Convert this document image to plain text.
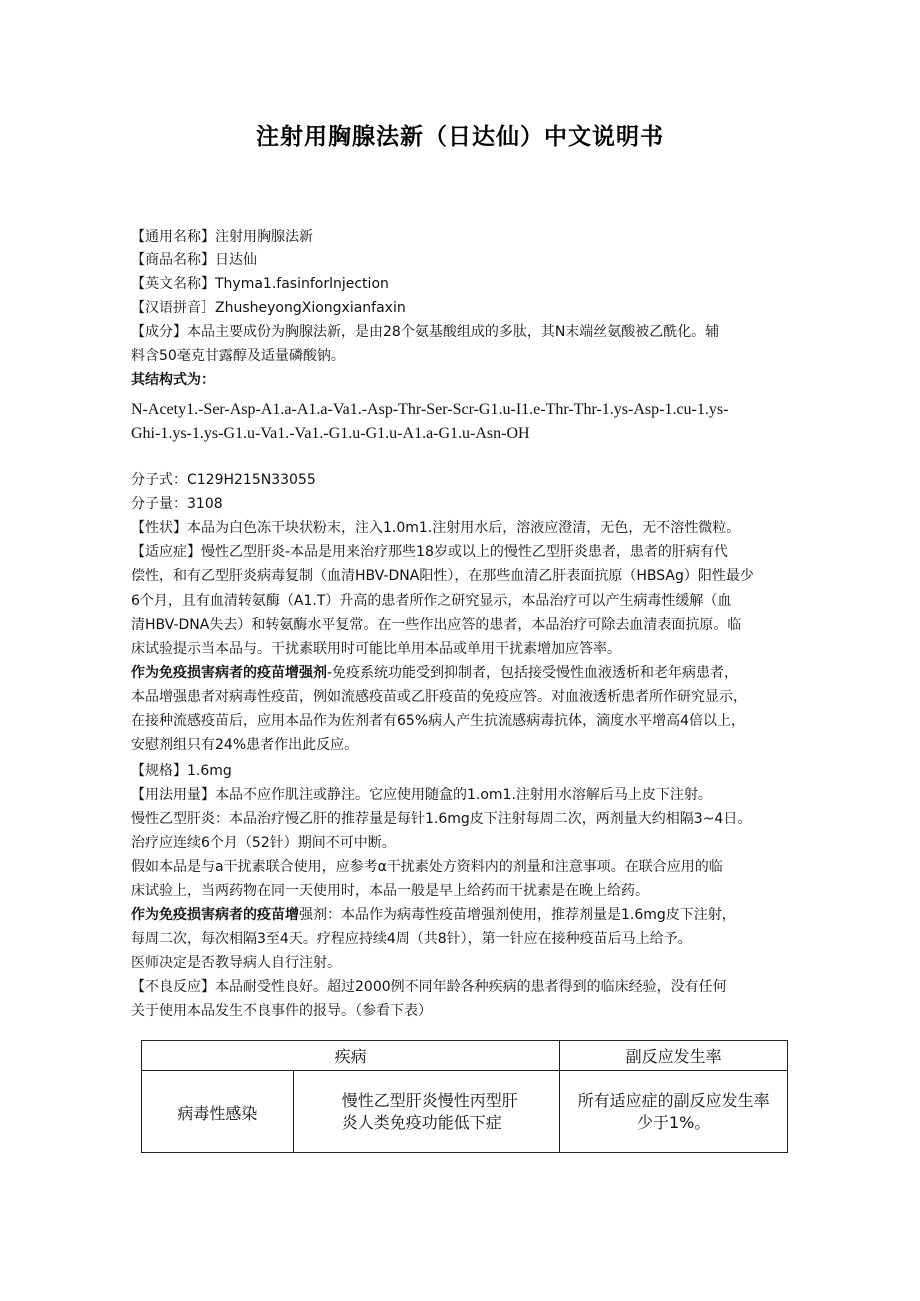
注射用胸腺法新（日达仙）中文说明书
【通用名称】注射用胸腺法新
【商品名称】日达仙
【英文名称】Thyma1.fasinforlnjection
【汉语拼音］ZhusheyongXiongxianfaxin
【成分】本品主要成份为胸腺法新，是由28个氨基酸组成的多肽，其N末端丝氨酸被乙酰化。辅
料含50毫克甘露醇及适量磷酸钠。
其结构式为：
N-Acety1.-Ser-Asp-A1.a-A1.a-Va1.-Asp-Thr-Ser-Scr-G1.u-I1.e-Thr-Thr-1.ys-Asp-1.cu-1.ys-
Ghi-1.ys-1.ys-G1.u-Va1.-Va1.-G1.u-G1.u-A1.a-G1.u-Asn-OH
分子式：C129H215N33055
分子量：3108
【性状】本品为白色冻干块状粉末，注入1.0m1.注射用水后，溶液应澄清，无色，无不溶性微粒。
【适应症】慢性乙型肝炎-本品是用来治疗那些18岁或以上的慢性乙型肝炎患者，患者的肝病有代
偿性，和有乙型肝炎病毒复制（血清HBV-DNA阳性），在那些血清乙肝表面抗原（HBSAg）阳性最少
6个月，且有血清转氨酶（A1.T）升高的患者所作之研究显示，本品治疗可以产生病毒性缓解（血
清HBV-DNA失去）和转氨酶水平复常。在一些作出应答的患者，本品治疗可除去血清表面抗原。临
床试验提示当本品与。干扰素联用时可能比单用本品或单用干扰素增加应答率。
作为免疫损害病者的疫苗增强剂-免疫系统功能受到抑制者，包括接受慢性血液透析和老年病患者，
本品增强患者对病毒性疫苗，例如流感疫苗或乙肝疫苗的免疫应答。对血液透析患者所作研究显示，
在接种流感疫苗后，应用本品作为佐剂者有65%病人产生抗流感病毒抗体，滴度水平增高4倍以上，
安慰剂组只有24%患者作出此反应。
【规格】1.6mg
【用法用量】本品不应作肌注或静注。它应使用随盒的1.om1.注射用水溶解后马上皮下注射。
慢性乙型肝炎：本品治疗慢乙肝的推荐量是每针1.6mg皮下注射每周二次，两剂量大约相隔3~4日。
治疗应连续6个月（52针）期间不可中断。
假如本品是与a干扰素联合使用，应参考α干扰素处方资料内的剂量和注意事项。在联合应用的临
床试验上，当两药物在同一天使用时，本品一般是早上给药而干扰素是在晚上给药。
作为免疫损害病者的疫苗增强剂：本品作为病毒性疫苗增强剂使用，推荐剂量是1.6mg皮下注射，
每周二次，每次相隔3至4天。疗程应持续4周（共8针），第一针应在接种疫苗后马上给予。
医师决定是否教导病人自行注射。
【不良反应】本品耐受性良好。超过2000例不同年龄各种疾病的患者得到的临床经验，没有任何
关于使用本品发生不良事件的报导。（参看下表）
疾病		副反应发生率
病毒性感染	慢性乙型肝炎慢性丙型肝
炎人类免疫功能低下症	所有适应症的副反应发生率
少于1%。
